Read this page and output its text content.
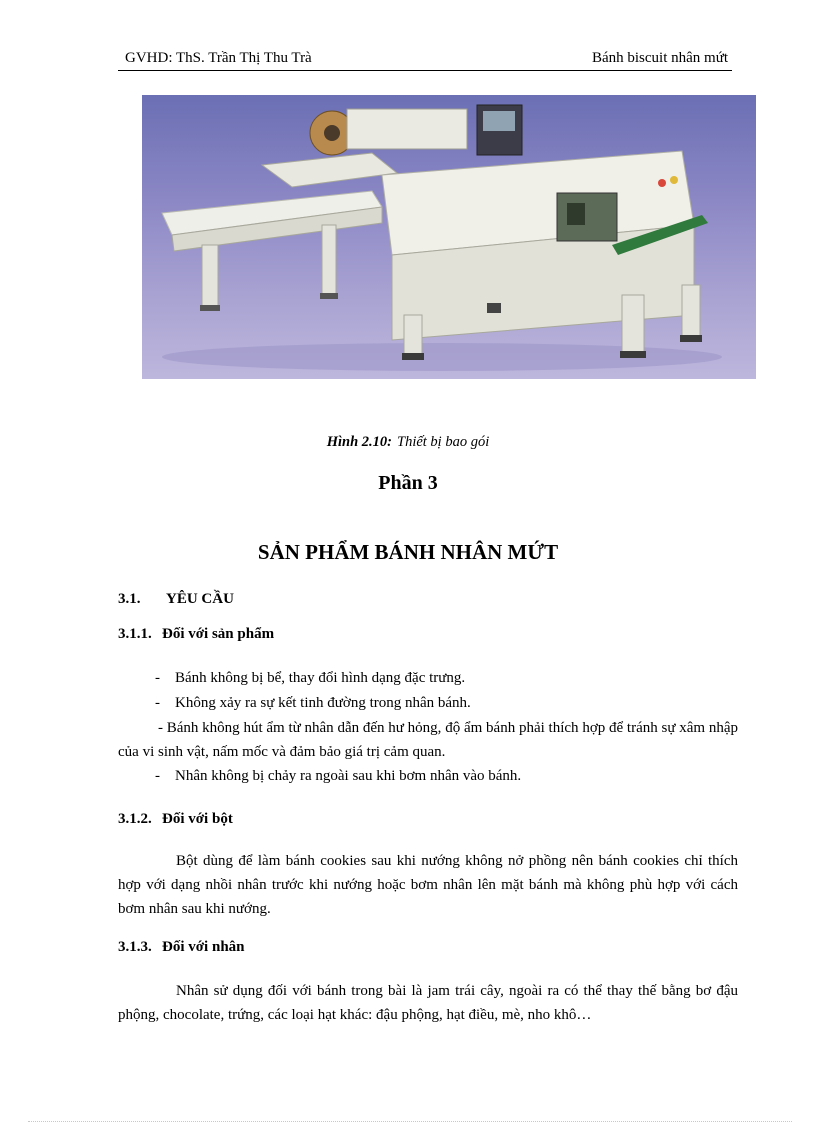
GVHD: ThS. Trần Thị Thu Trà	Bánh biscuit nhân mứt
Hình 2.10: Thiết bị bao gói
Phần 3
SẢN PHẨM BÁNH NHÂN MỨT
3.1. YÊU CẦU
3.1.1. Đối với sản phẩm
- Bánh không bị bể, thay đổi hình dạng đặc trưng.
- Không xảy ra sự kết tinh đường trong nhân bánh.
- Bánh không hút ẩm từ nhân dẫn đến hư hỏng, độ ẩm bánh phải thích hợp để tránh sự xâm nhập của vi sinh vật, nấm mốc và đảm bảo giá trị cảm quan.
- Nhân không bị chảy ra ngoài sau khi bơm nhân vào bánh.
3.1.2. Đối với bột
Bột dùng để làm bánh cookies sau khi nướng không nở phồng nên bánh cookies chỉ thích hợp với dạng nhồi nhân trước khi nướng hoặc bơm nhân lên mặt bánh mà không phù hợp với cách bơm nhân sau khi nướng.
3.1.3. Đối với nhân
Nhân sử dụng đối với bánh trong bài là jam trái cây, ngoài ra có thể thay thế bằng bơ đậu phộng, chocolate, trứng, các loại hạt khác: đậu phộng, hạt điều, mè, nho khô…
